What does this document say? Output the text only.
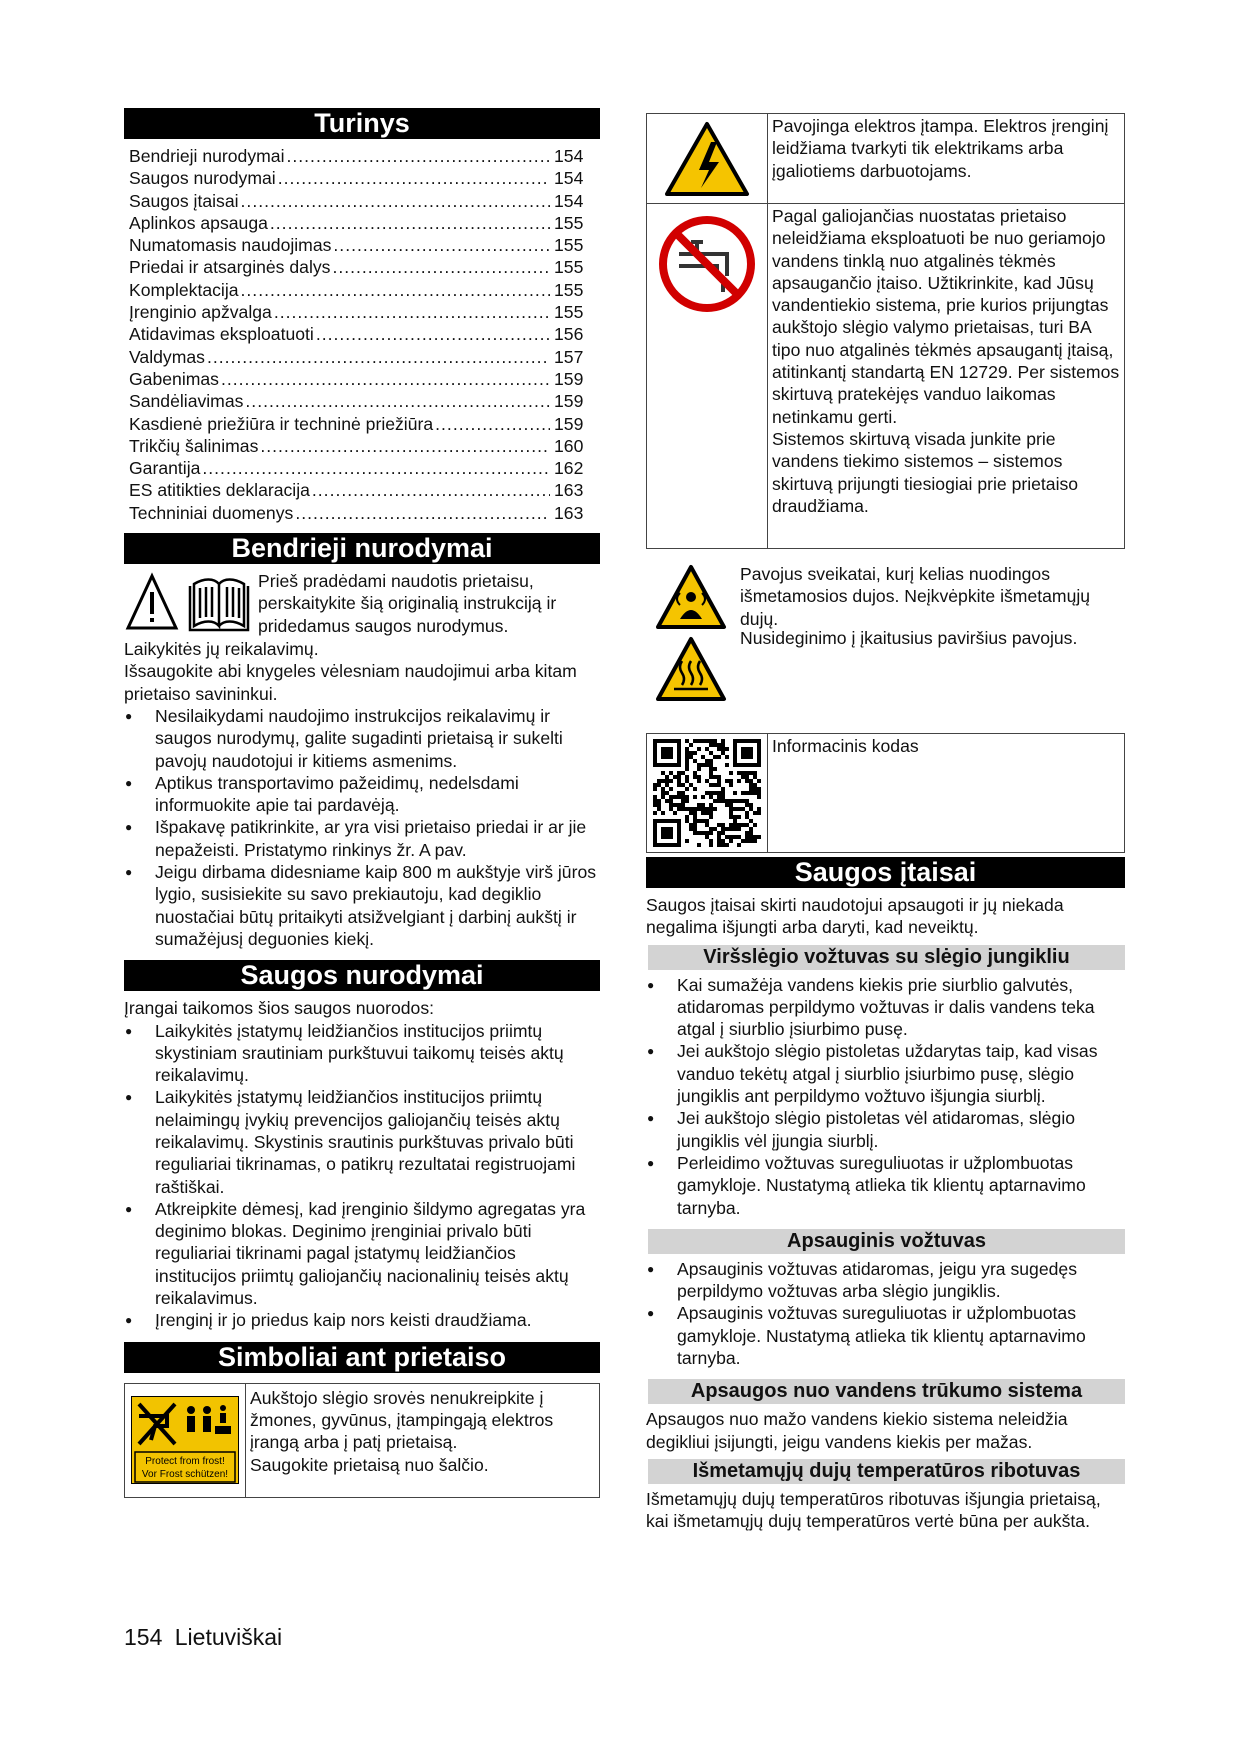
Turinys
Bendrieji nurodymai .....	154
Saugos nurodymai .....	154
Saugos įtaisai .....	154
Aplinkos apsauga .....	155
Numatomasis naudojimas .....	155
Priedai ir atsarginės dalys .....	155
Komplektacija .....	155
Įrenginio apžvalga .....	155
Atidavimas eksploatuoti .....	156
Valdymas .....	157
Gabenimas .....	159
Sandėliavimas .....	159
Kasdienė priežiūra ir techninė priežiūra .....	159
Trikčių šalinimas .....	160
Garantija .....	162
ES atitikties deklaracija .....	163
Techniniai duomenys .....	163
Bendrieji nurodymai

Prieš pradėdami naudotis prietaisu, perskaitykite šią originalią instrukciją ir pridedamus saugos nurodymus.

Laikykitės jų reikalavimų.

Išsaugokite abi knygeles vėlesniam naudojimui arba kitam prietaiso savininkui.

● Nesilaikydami naudojimo instrukcijos reikalavimų ir saugos nurodymų, galite sugadinti prietaisą ir sukelti pavojų naudotojui ir kitiems asmenims.
● Aptikus transportavimo pažeidimų, nedelsdami informuokite apie tai pardavėją.
● Išpakavę patikrinkite, ar yra visi prietaiso priedai ir ar jie nepažeisti. Pristatymo rinkinys žr. A pav.
● Jeigu dirbama didesniame kaip 800 m aukštyje virš jūros lygio, susisiekite su savo prekiautoju, kad degiklio nuostačiai būtų pritaikyti atsižvelgiant į darbinį aukštį ir sumažėjusį deguonies kiekį.
Saugos nurodymai

Įrangai taikomos šios saugos nuorodos:

● Laikykitės įstatymų leidžiančios institucijos priimtų skystiniam srautiniam purkštuvui taikomų teisės aktų reikalavimų.
● Laikykitės įstatymų leidžiančios institucijos priimtų nelaimingų įvykių prevencijos galiojančių teisės aktų reikalavimų. Skystinis srautinis purkštuvas privalo būti reguliariai tikrinamas, o patikrų rezultatai registruojami raštiškai.
● Atkreipkite dėmesį, kad įrenginio šildymo agregatas yra deginimo blokas. Deginimo įrenginiai privalo būti reguliariai tikrinami pagal įstatymų leidžiančios institucijos priimtų galiojančių nacionalinių teisės aktų reikalavimus.
● Įrenginį ir jo priedus kaip nors keisti draudžiama.
Simboliai ant prietaiso
Protect from frost!
Vor Frost schützen!

Aukštojo slėgio srovės nenukreipkite į žmones, gyvūnus, įtampingąją elektros įrangą arba į patį prietaisą.

Saugokite prietaisą nuo šalčio.

Pavojinga elektros įtampa. Elektros įrenginį leidžiama tvarkyti tik elektrikams arba įgaliotiems darbuotojams.

Pagal galiojančias nuostatas prietaiso neleidžiama eksploatuoti be nuo geriamojo vandens tinklą nuo atgalinės tėkmės apsaugančio įtaiso. Užtikrinkite, kad Jūsų vandentiekio sistema, prie kurios prijungtas aukštojo slėgio valymo prietaisas, turi BA tipo nuo atgalinės tėkmės apsaugantį įtaisą, atitinkantį standartą EN 12729. Per sistemos skirtuvą pratekėjęs vanduo laikomas netinkamu gerti.

Sistemos skirtuvą visada junkite prie vandens tiekimo sistemos – sistemos skirtuvą prijungti tiesiogiai prie prietaiso draudžiama.

Pavojus sveikatai, kurį kelias nuodingos išmetamosios dujos. Neįkvėpkite išmetamųjų dujų.

Nusideginimo į įkaitusius paviršius pavojus.

Informacinis kodas

Saugos įtaisai

Saugos įtaisai skirti naudotojui apsaugoti ir jų niekada negalima išjungti arba daryti, kad neveiktų.

Viršslėgio vožtuvas su slėgio jungikliu
● Kai sumažėja vandens kiekis prie siurblio galvutės, atidaromas perpildymo vožtuvas ir dalis vandens teka atgal į siurblio įsiurbimo pusę.
● Jei aukštojo slėgio pistoletas uždarytas taip, kad visas vanduo tekėtų atgal į siurblio įsiurbimo pusę, slėgio jungiklis ant perpildymo vožtuvo išjungia siurblį.
● Jei aukštojo slėgio pistoletas vėl atidaromas, slėgio jungiklis vėl įjungia siurblį.
● Perleidimo vožtuvas sureguliuotas ir užplombuotas gamykloje. Nustatymą atlieka tik klientų aptarnavimo tarnyba.
Apsauginis vožtuvas
● Apsauginis vožtuvas atidaromas, jeigu yra sugedęs perpildymo vožtuvas arba slėgio jungiklis.
● Apsauginis vožtuvas sureguliuotas ir užplombuotas gamykloje. Nustatymą atlieka tik klientų aptarnavimo tarnyba.
Apsaugos nuo vandens trūkumo sistema

Apsaugos nuo mažo vandens kiekio sistema neleidžia degikliui įsijungti, jeigu vandens kiekis per mažas.

Išmetamųjų dujų temperatūros ribotuvas

Išmetamųjų dujų temperatūros ribotuvas išjungia prietaisą, kai išmetamųjų dujų temperatūros vertė būna per aukšta.

154 Lietuviškai
